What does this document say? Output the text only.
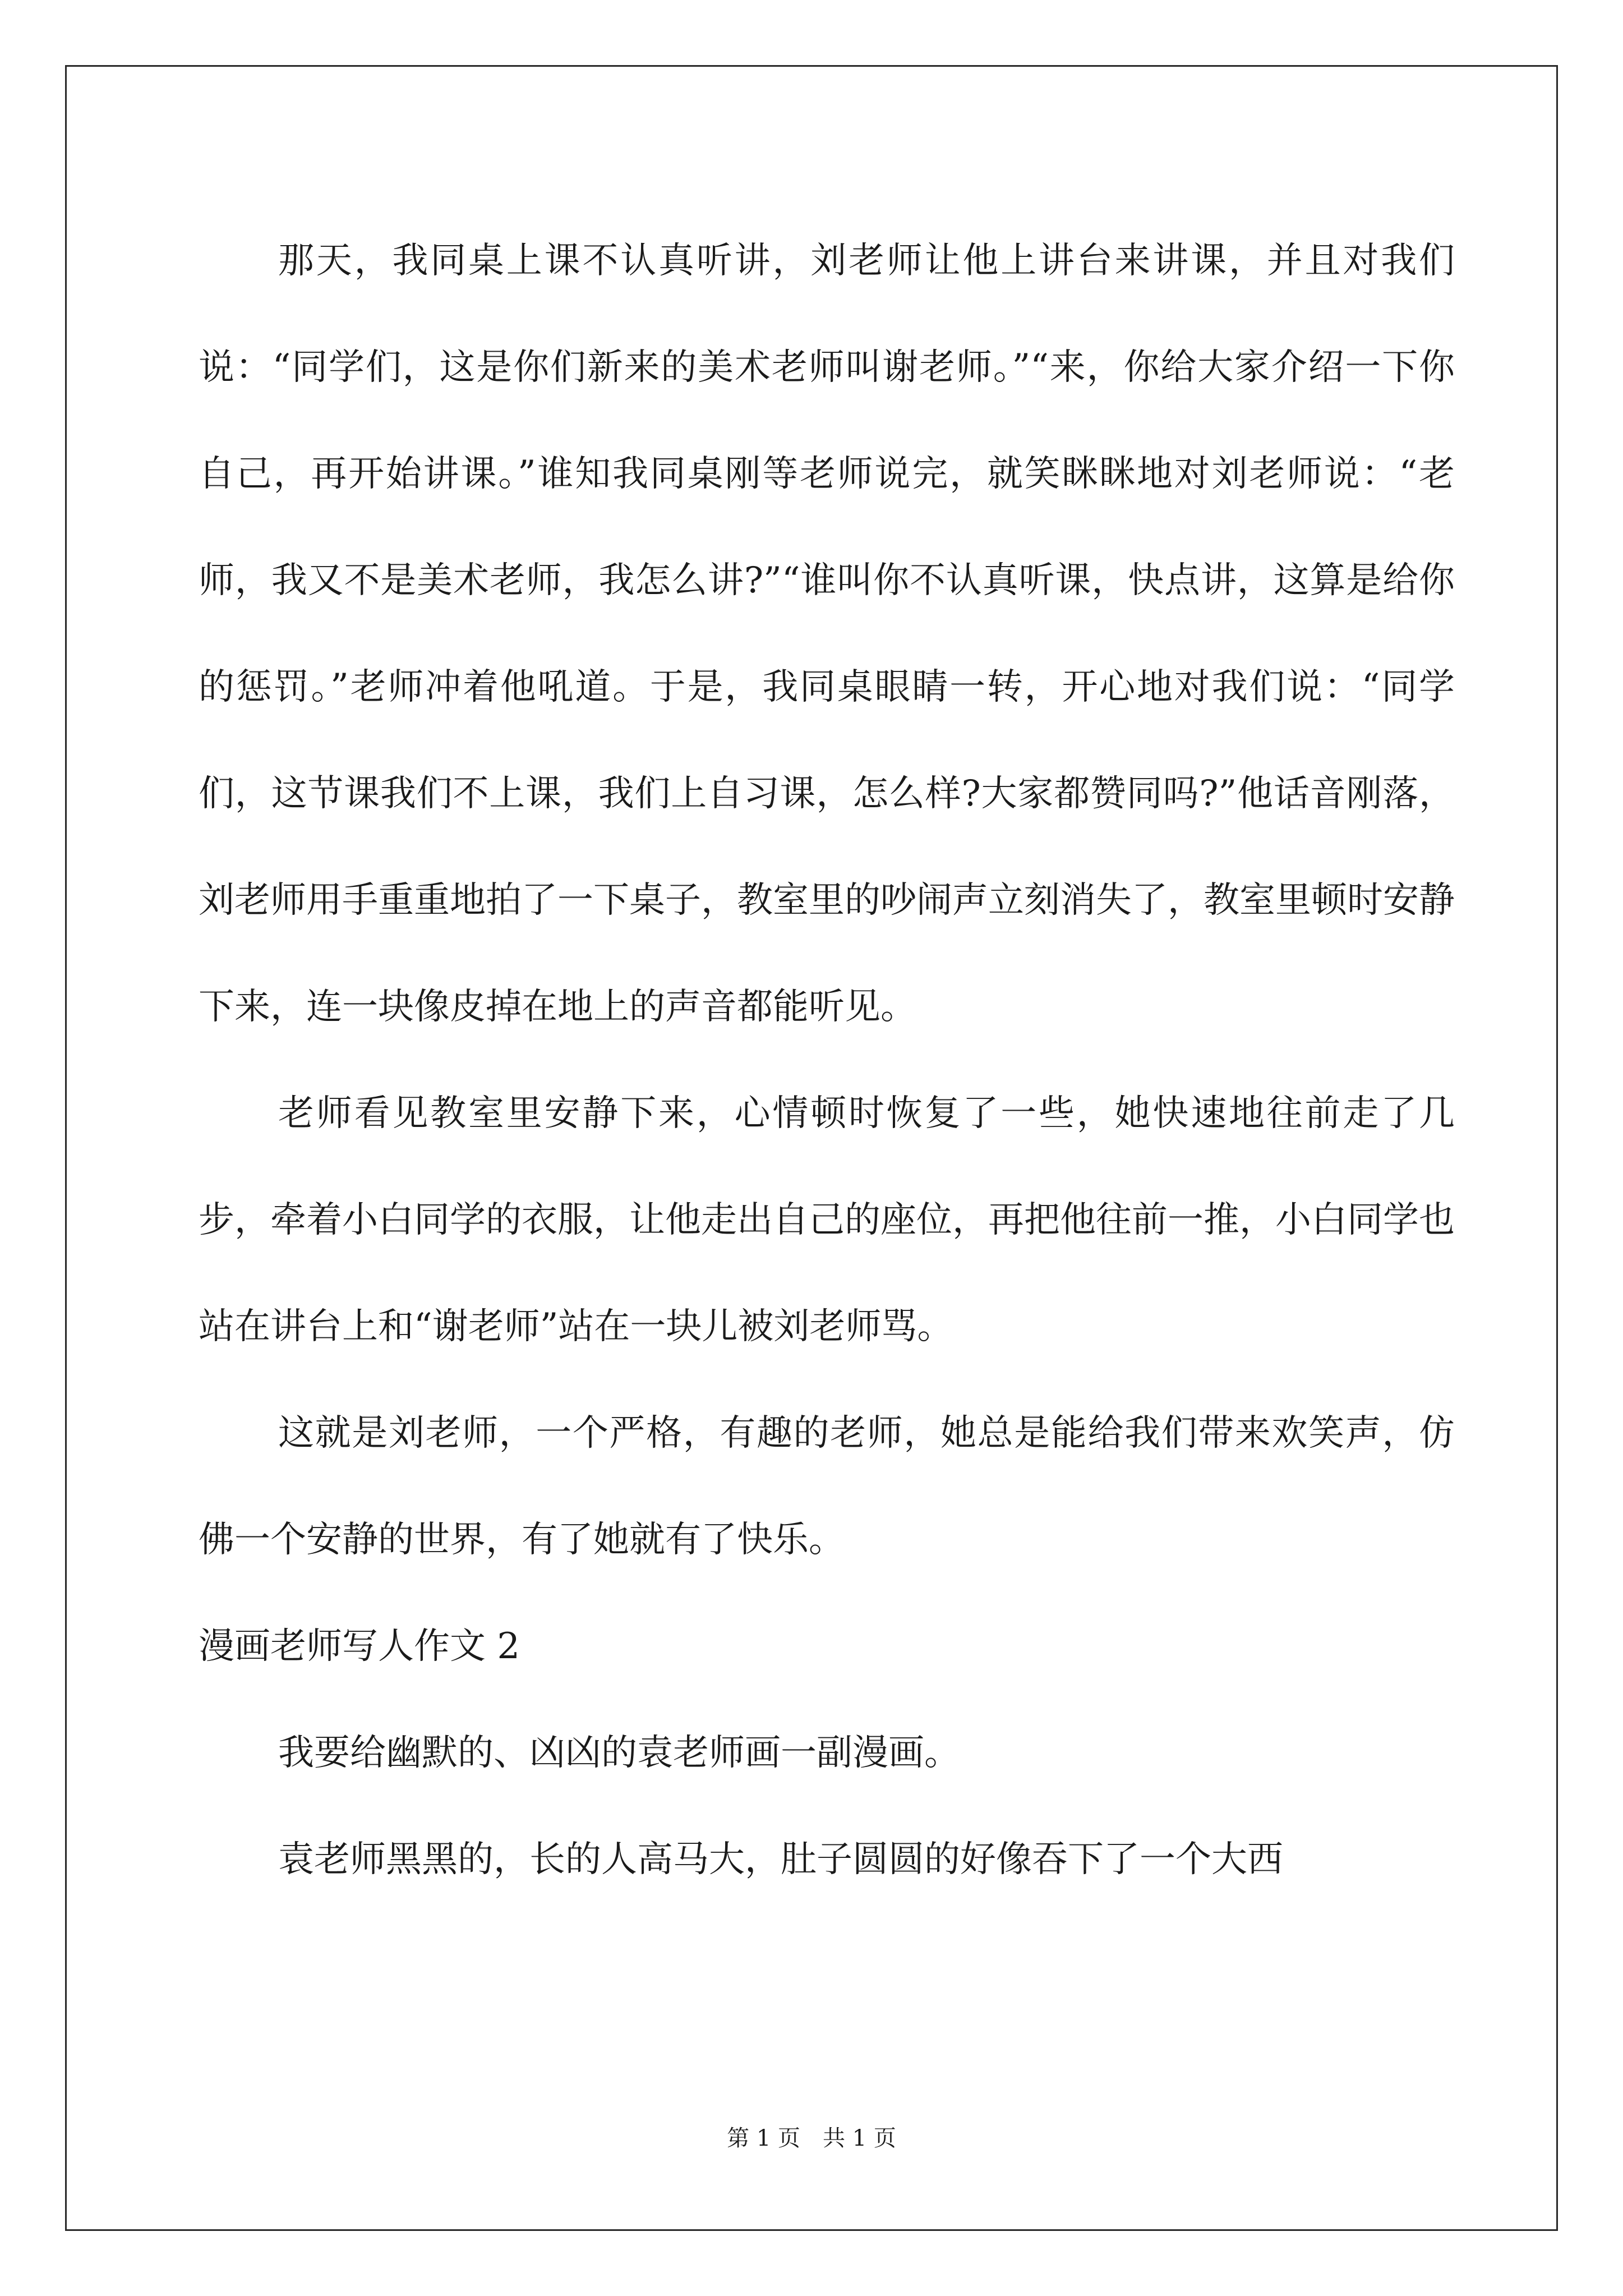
那天，我同桌上课不认真听讲，刘老师让他上讲台来讲课，并且对我们说：“同学们，这是你们新来的美术老师叫谢老师。”“来，你给大家介绍一下你自己，再开始讲课。”谁知我同桌刚等老师说完，就笑眯眯地对刘老师说：“老师，我又不是美术老师，我怎么讲?”“谁叫你不认真听课，快点讲，这算是给你的惩罚。”老师冲着他吼道。于是，我同桌眼睛一转，开心地对我们说：“同学们，这节课我们不上课，我们上自习课，怎么样?大家都赞同吗?”他话音刚落，刘老师用手重重地拍了一下桌子，教室里的吵闹声立刻消失了，教室里顿时安静下来，连一块像皮掉在地上的声音都能听见。

老师看见教室里安静下来，心情顿时恢复了一些，她快速地往前走了几步，牵着小白同学的衣服，让他走出自己的座位，再把他往前一推，小白同学也站在讲台上和“谢老师”站在一块儿被刘老师骂。

这就是刘老师，一个严格，有趣的老师，她总是能给我们带来欢笑声，仿佛一个安静的世界，有了她就有了快乐。

漫画老师写人作文 2

我要给幽默的、凶凶的袁老师画一副漫画。

袁老师黑黑的，长的人高马大，肚子圆圆的好像吞下了一个大西

第 1 页　共 1 页
